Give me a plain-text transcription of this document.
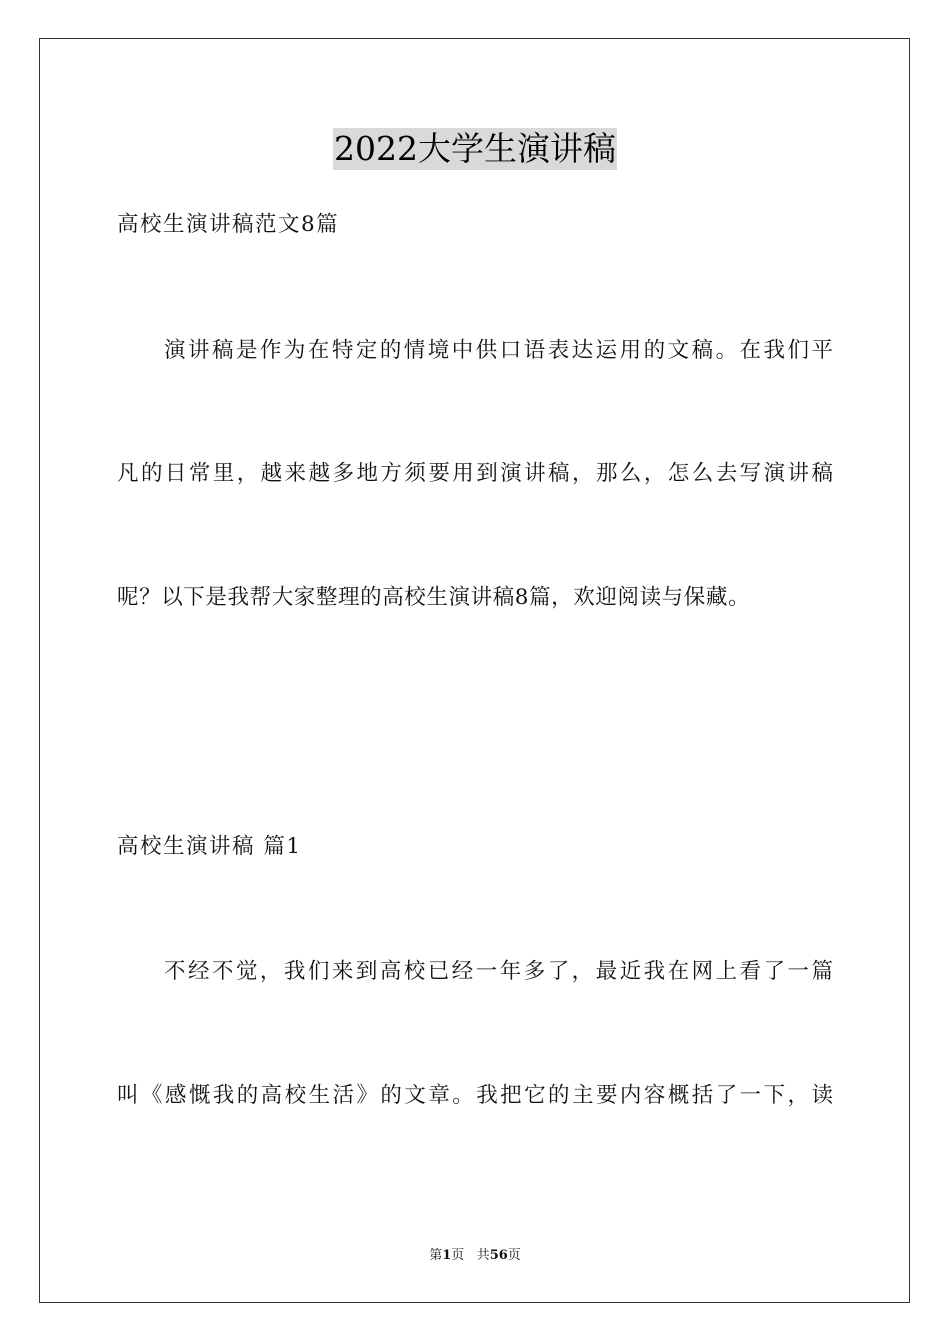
2022大学生演讲稿
高校生演讲稿范文8篇
演讲稿是作为在特定的情境中供口语表达运用的文稿。在我们平
凡的日常里，越来越多地方须要用到演讲稿，那么，怎么去写演讲稿
呢？以下是我帮大家整理的高校生演讲稿8篇，欢迎阅读与保藏。
高校生演讲稿 篇1
不经不觉，我们来到高校已经一年多了，最近我在网上看了一篇
叫《感慨我的高校生活》的文章。我把它的主要内容概括了一下，读
第1页 共56页
